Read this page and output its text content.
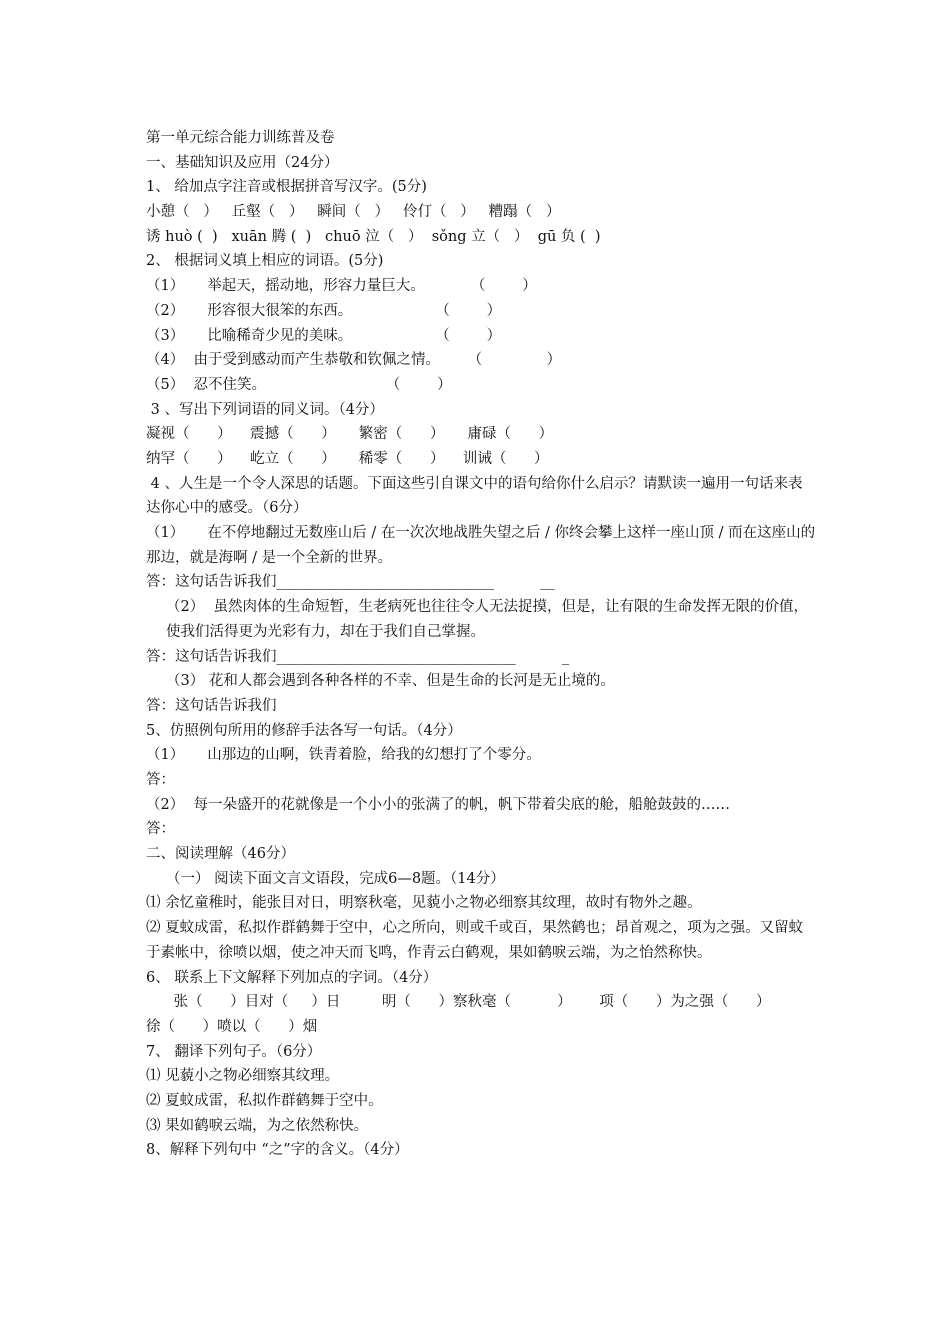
第一单元综合能力训练普及卷
一、基础知识及应用（24分）
1、 给加点字注音或根据拼音写汉字。(5分)
小憩（   ）   丘壑（   ）   瞬间（   ）   伶仃（   ）   糟蹋（   ）
诱 huò (  )   xuān 腾 (  )   chuō 泣（   ）  sǒng 立（   ）  gū 负 (  )
2、 根据词义填上相应的词语。(5分)
（1）     举起天，摇动地，形容力量巨大。          （        ）
（2）     形容很大很笨的东西。                  （        ）
（3）     比喻稀奇少见的美味。                  （        ）
（4）  由于受到感动而产生恭敬和钦佩之情。      （              ）
（5）  忍不住笑。                          （        ）
3 、写出下列词语的同义词。（4分）
凝视（      ）    震撼（      ）     繁密（      ）     庸碌（      ）
纳罕（      ）    屹立（      ）     稀零（      ）    训诫（      ）
4 、人生是一个令人深思的话题。下面这些引自课文中的语句给你什么启示？请默读一遍用一句话来表达你心中的感受。（6分）
（1）     在不停地翻过无数座山后 / 在一次次地战胜失望之后 / 你终会攀上这样一座山顶 / 而在这座山的那边，就是海啊 / 是一个全新的世界。
答：这句话告诉我们______________________________          __
（2）  虽然肉体的生命短暂，生老病死也往往令人无法捉摸，但是，让有限的生命发挥无限的价值，使我们活得更为光彩有力，却在于我们自己掌握。
答：这句话告诉我们_________________________________          _
（3） 花和人都会遇到各种各样的不幸、但是生命的长河是无止境的。
答：这句话告诉我们
5、仿照例句所用的修辞手法各写一句话。（4分）
（1）     山那边的山啊，铁青着脸，给我的幻想打了个零分。
答：
（2）  每一朵盛开的花就像是一个小小的张满了的帆，帆下带着尖底的舱，船舱鼓鼓的……
答：
二、阅读理解（46分）
（一） 阅读下面文言文语段，完成6—8题。（14分）
⑴ 余忆童稚时，能张目对日，明察秋毫，见藐小之物必细察其纹理，故时有物外之趣。
⑵ 夏蚊成雷，私拟作群鹤舞于空中，心之所向，则或千或百，果然鹤也；昂首观之，项为之强。又留蚊于素帐中，徐喷以烟，使之冲天而飞鸣，作青云白鹤观，果如鹤唳云端，为之怡然称快。
6、 联系上下文解释下列加点的字词。（4分）
张（      ）目对（     ）日         明（      ）察秋毫（          ）      项（      ）为之强（      ）
徐（      ）喷以（      ）烟
7、 翻译下列句子。（6分）
⑴ 见藐小之物必细察其纹理。
⑵ 夏蚊成雷，私拟作群鹤舞于空中。
⑶ 果如鹤唳云端，为之依然称快。
8、解释下列句中 “之”字的含义。（4分）
